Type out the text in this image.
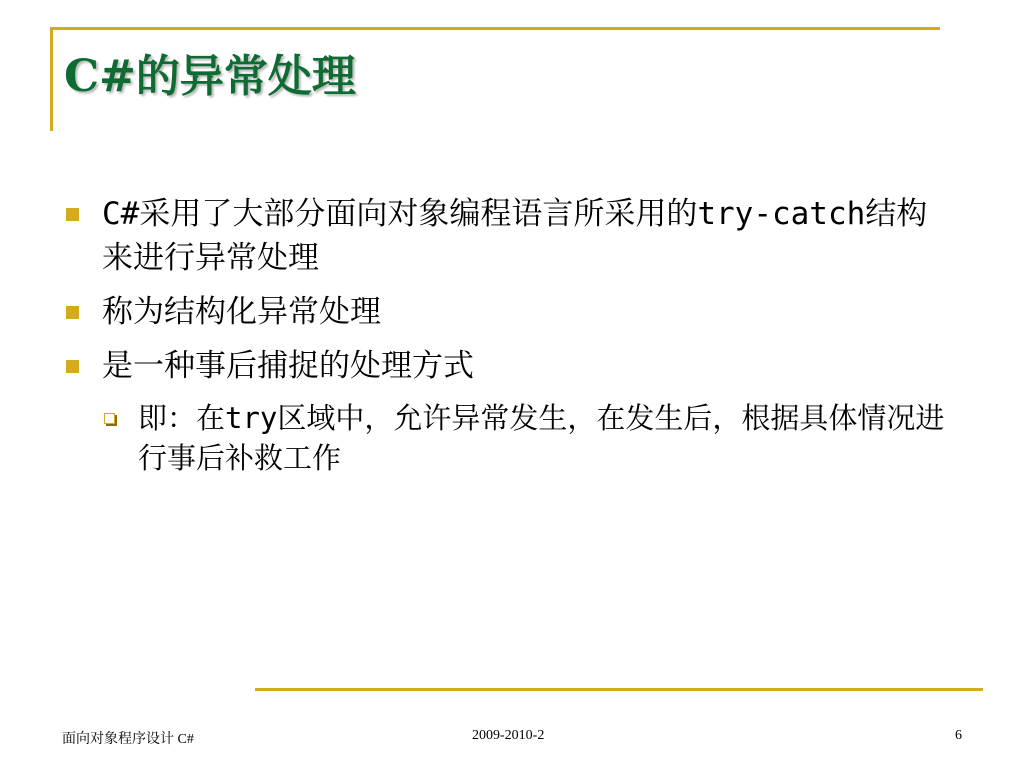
C#的异常处理
C#采用了大部分面向对象编程语言所采用的try-catch结构来进行异常处理
称为结构化异常处理
是一种事后捕捉的处理方式
即：在try区域中，允许异常发生，在发生后，根据具体情况进行事后补救工作
面向对象程序设计 C#	2009-2010-2	6
